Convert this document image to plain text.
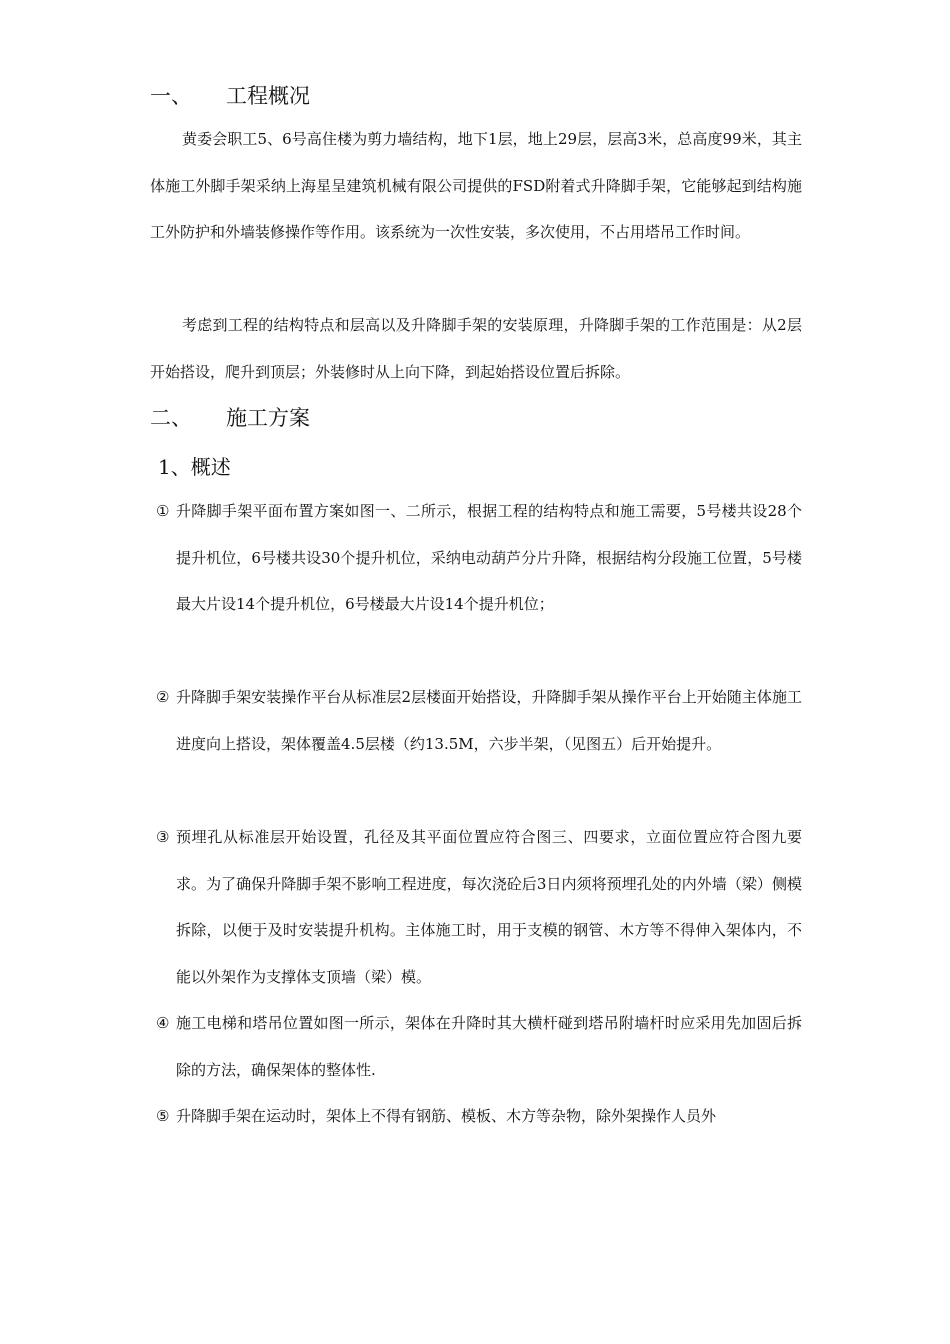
一、 工程概况

黄委会职工5、6号高住楼为剪力墙结构，地下1层，地上29层，层高3米，总高度99米，其主体施工外脚手架采纳上海星呈建筑机械有限公司提供的FSD附着式升降脚手架，它能够起到结构施工外防护和外墙装修操作等作用。该系统为一次性安装，多次使用，不占用塔吊工作时间。

考虑到工程的结构特点和层高以及升降脚手架的安装原理，升降脚手架的工作范围是：从2层开始搭设，爬升到顶层；外装修时从上向下降，到起始搭设位置后拆除。

二、 施工方案
1、概述
① 升降脚手架平面布置方案如图一、二所示，根据工程的结构特点和施工需要，5号楼共设28个提升机位，6号楼共设30个提升机位，采纳电动葫芦分片升降，根据结构分段施工位置，5号楼最大片设14个提升机位，6号楼最大片设14个提升机位；
② 升降脚手架安装操作平台从标准层2层楼面开始搭设，升降脚手架从操作平台上开始随主体施工进度向上搭设，架体覆盖4.5层楼（约13.5M，六步半架，（见图五）后开始提升。
③ 预埋孔从标准层开始设置，孔径及其平面位置应符合图三、四要求，立面位置应符合图九要求。为了确保升降脚手架不影响工程进度，每次浇砼后3日内须将预埋孔处的内外墙（梁）侧模拆除，以便于及时安装提升机构。主体施工时，用于支模的钢管、木方等不得伸入架体内，不能以外架作为支撑体支顶墙（梁）模。
④ 施工电梯和塔吊位置如图一所示，架体在升降时其大横杆碰到塔吊附墙杆时应采用先加固后拆除的方法，确保架体的整体性.
⑤ 升降脚手架在运动时，架体上不得有钢筋、模板、木方等杂物，除外架操作人员外
